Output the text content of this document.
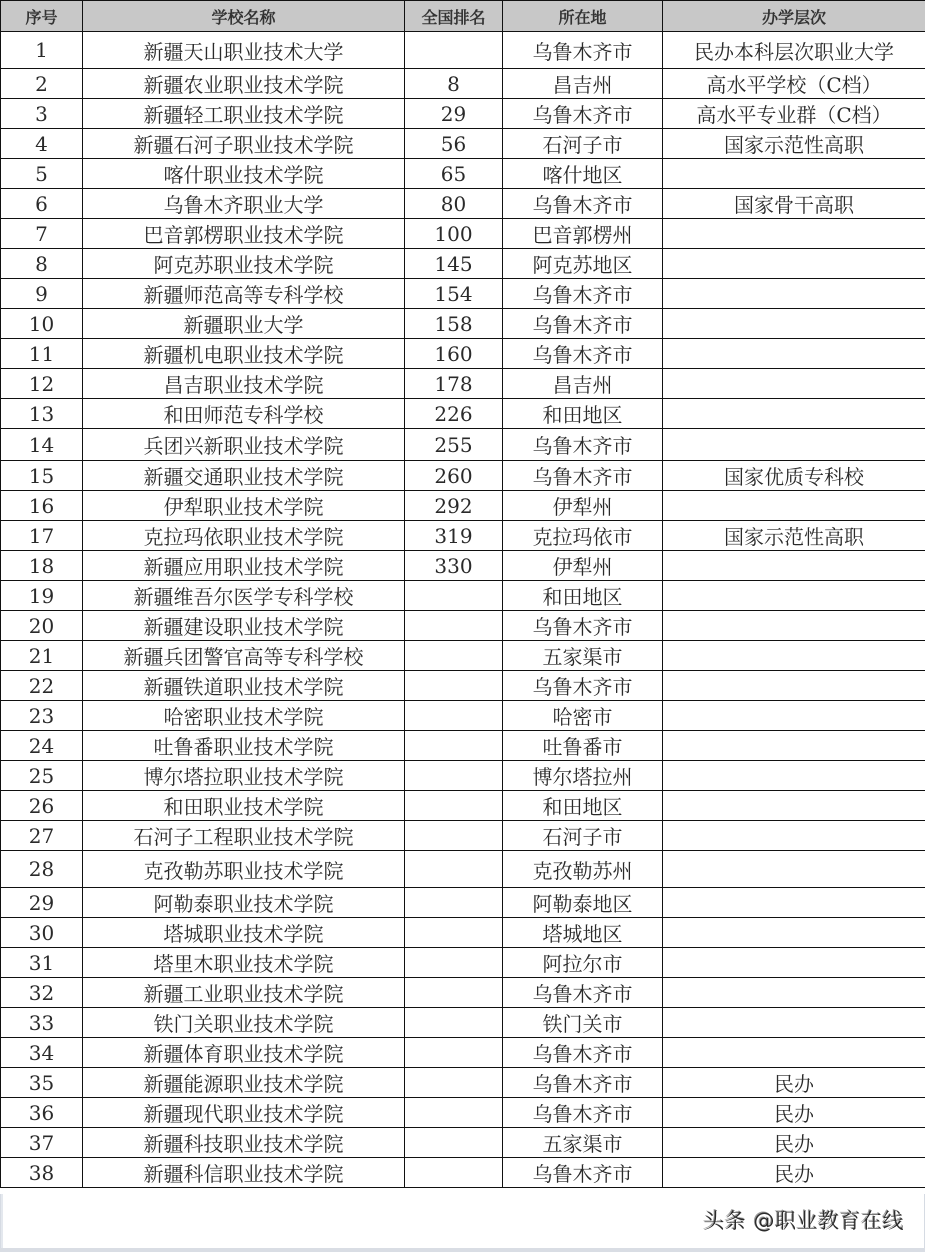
序号	学校名称	全国排名	所在地	办学层次
1	新疆天山职业技术大学		乌鲁木齐市	民办本科层次职业大学
2	新疆农业职业技术学院	8	昌吉州	高水平学校（C档）
3	新疆轻工职业技术学院	29	乌鲁木齐市	高水平专业群（C档）
4	新疆石河子职业技术学院	56	石河子市	国家示范性高职
5	喀什职业技术学院	65	喀什地区	
6	乌鲁木齐职业大学	80	乌鲁木齐市	国家骨干高职
7	巴音郭楞职业技术学院	100	巴音郭楞州	
8	阿克苏职业技术学院	145	阿克苏地区	
9	新疆师范高等专科学校	154	乌鲁木齐市	
10	新疆职业大学	158	乌鲁木齐市	
11	新疆机电职业技术学院	160	乌鲁木齐市	
12	昌吉职业技术学院	178	昌吉州	
13	和田师范专科学校	226	和田地区	
14	兵团兴新职业技术学院	255	乌鲁木齐市	
15	新疆交通职业技术学院	260	乌鲁木齐市	国家优质专科校
16	伊犁职业技术学院	292	伊犁州	
17	克拉玛依职业技术学院	319	克拉玛依市	国家示范性高职
18	新疆应用职业技术学院	330	伊犁州	
19	新疆维吾尔医学专科学校		和田地区	
20	新疆建设职业技术学院		乌鲁木齐市	
21	新疆兵团警官高等专科学校		五家渠市	
22	新疆铁道职业技术学院		乌鲁木齐市	
23	哈密职业技术学院		哈密市	
24	吐鲁番职业技术学院		吐鲁番市	
25	博尔塔拉职业技术学院		博尔塔拉州	
26	和田职业技术学院		和田地区	
27	石河子工程职业技术学院		石河子市	
28	克孜勒苏职业技术学院		克孜勒苏州	
29	阿勒泰职业技术学院		阿勒泰地区	
30	塔城职业技术学院		塔城地区	
31	塔里木职业技术学院		阿拉尔市	
32	新疆工业职业技术学院		乌鲁木齐市	
33	铁门关职业技术学院		铁门关市	
34	新疆体育职业技术学院		乌鲁木齐市	
35	新疆能源职业技术学院		乌鲁木齐市	民办
36	新疆现代职业技术学院		乌鲁木齐市	民办
37	新疆科技职业技术学院		五家渠市	民办
38	新疆科信职业技术学院		乌鲁木齐市	民办
头条 @职业教育在线
